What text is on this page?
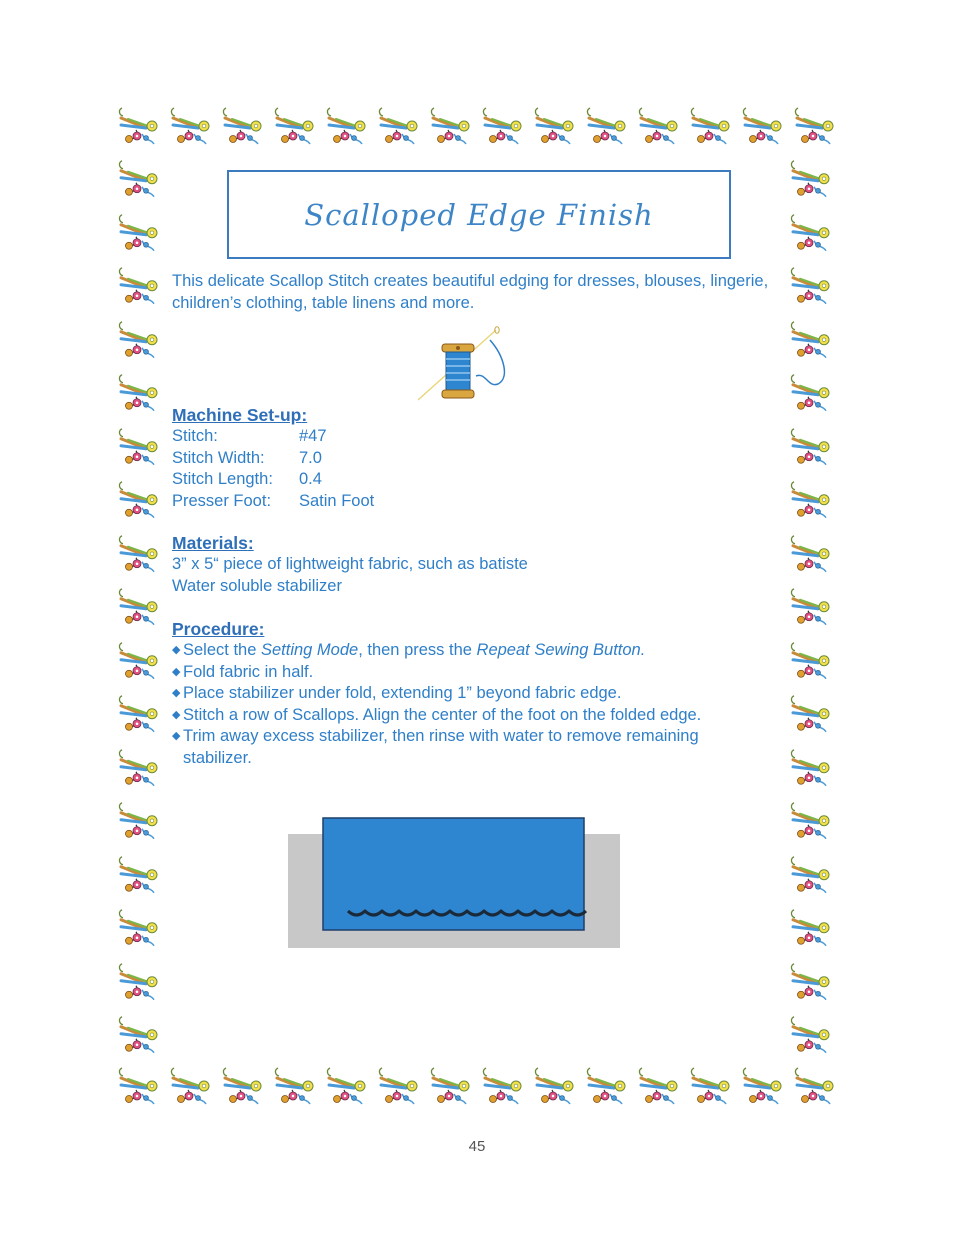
Scalloped Edge Finish
This delicate Scallop Stitch creates beautiful edging for dresses, blouses, lingerie, children’s clothing, table linens and more.
Machine Set-up:
Stitch:	#47
Stitch Width:	7.0
Stitch Length:	0.4
Presser Foot:	Satin Foot
Materials:
3” x 5“ piece of lightweight fabric, such as batiste
Water soluble stabilizer
Procedure:
◆ Select the Setting Mode, then press the Repeat Sewing Button.
◆ Fold fabric in half.
◆ Place stabilizer under fold, extending 1” beyond fabric edge.
◆ Stitch a row of Scallops. Align the center of the foot on the folded edge.
◆ Trim away excess stabilizer, then rinse with water to remove remaining stabilizer.
45
